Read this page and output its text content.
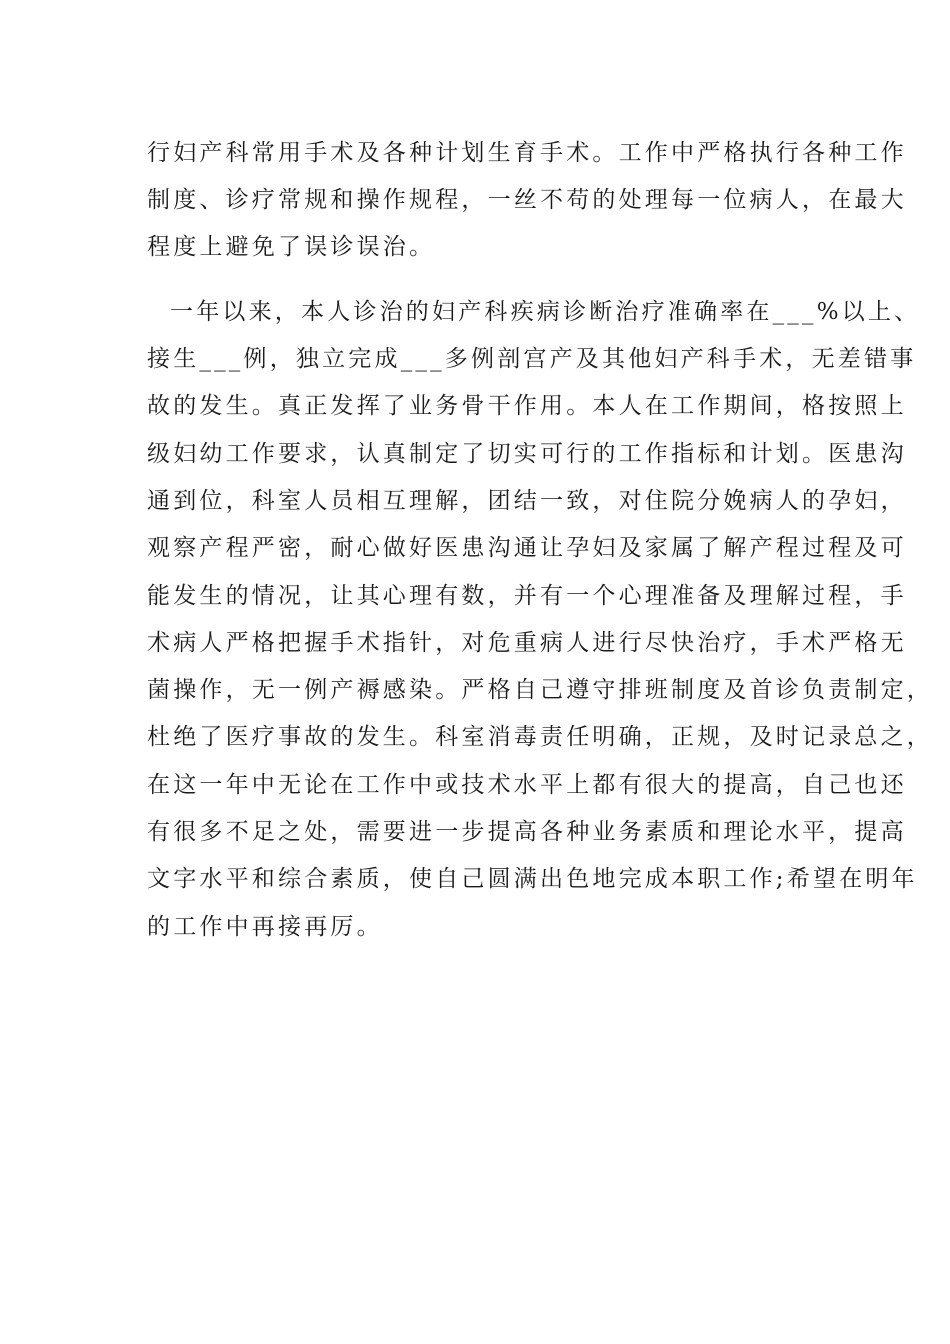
行妇产科常用手术及各种计划生育手术。工作中严格执行各种工作

制度、诊疗常规和操作规程，一丝不苟的处理每一位病人，在最大

程度上避免了误诊误治。

一年以来，本人诊治的妇产科疾病诊断治疗准确率在___%以上、

接生___例，独立完成___多例剖宫产及其他妇产科手术，无差错事

故的发生。真正发挥了业务骨干作用。本人在工作期间，格按照上

级妇幼工作要求，认真制定了切实可行的工作指标和计划。医患沟

通到位，科室人员相互理解，团结一致，对住院分娩病人的孕妇，

观察产程严密，耐心做好医患沟通让孕妇及家属了解产程过程及可

能发生的情况，让其心理有数，并有一个心理准备及理解过程，手

术病人严格把握手术指针，对危重病人进行尽快治疗，手术严格无

菌操作，无一例产褥感染。严格自己遵守排班制度及首诊负责制定，

杜绝了医疗事故的发生。科室消毒责任明确，正规，及时记录总之，

在这一年中无论在工作中或技术水平上都有很大的提高，自己也还

有很多不足之处，需要进一步提高各种业务素质和理论水平，提高

文字水平和综合素质，使自己圆满出色地完成本职工作;希望在明年

的工作中再接再厉。
